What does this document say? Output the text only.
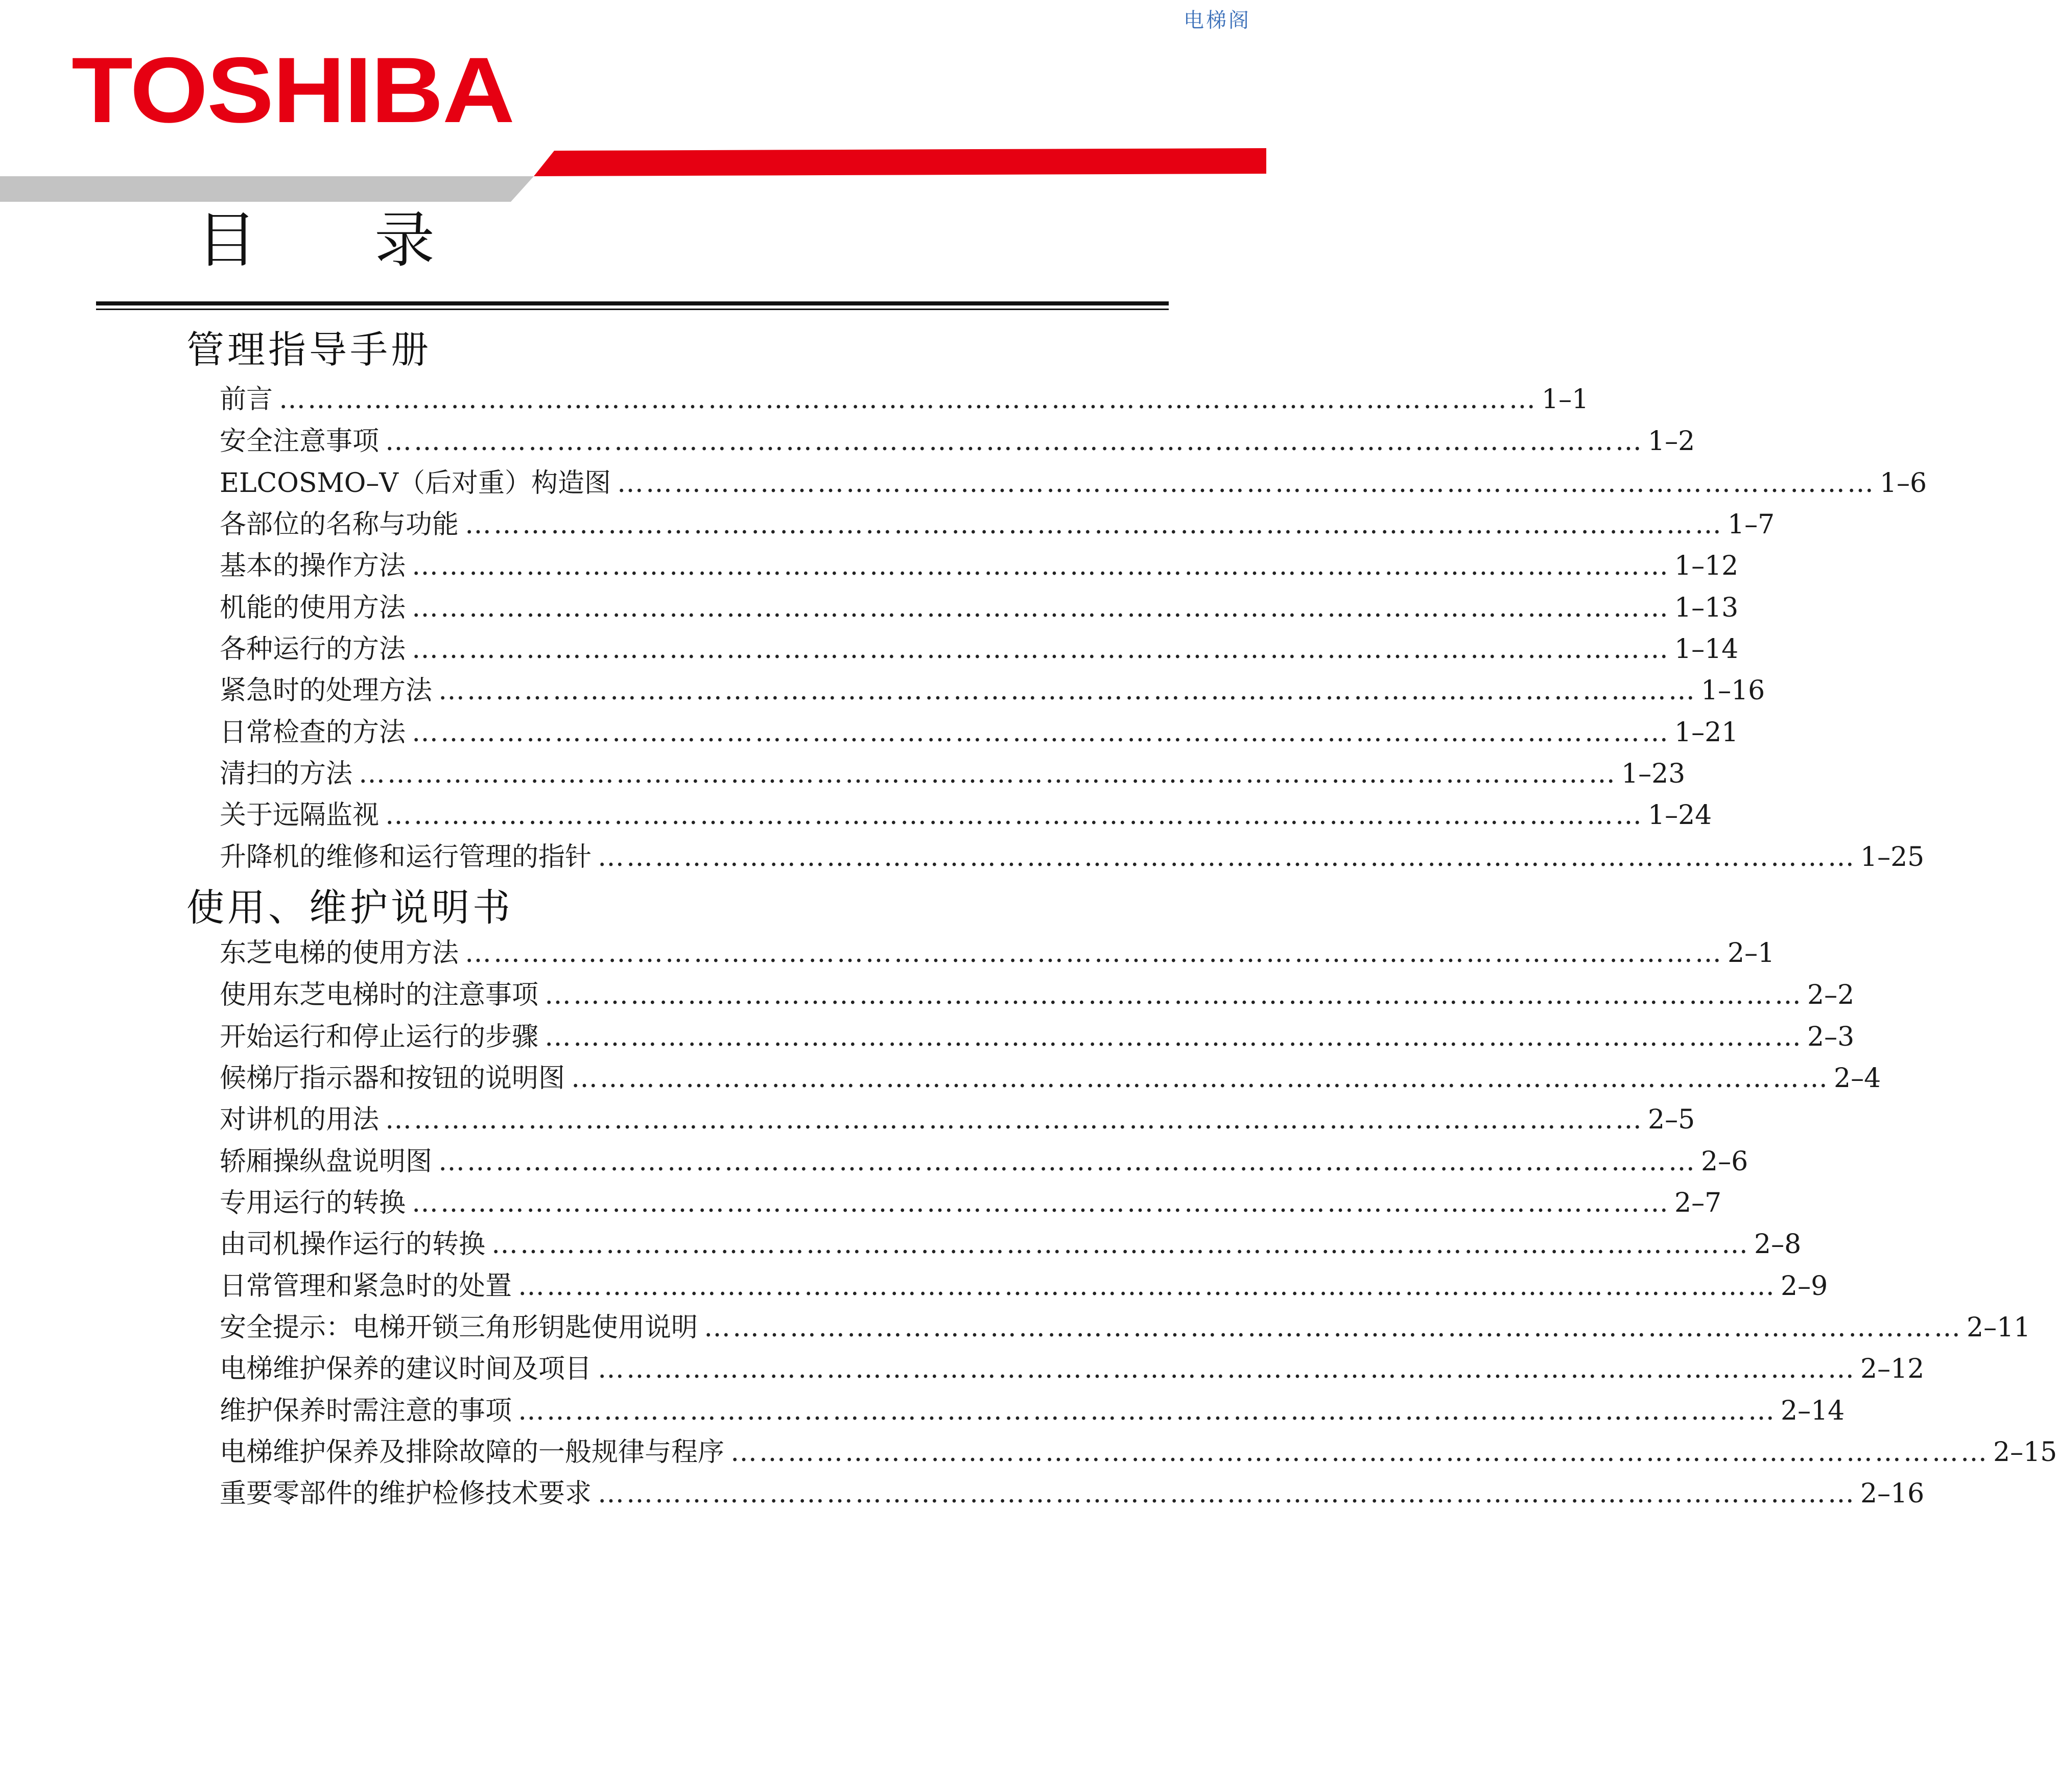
电梯阁
TOSHIBA
目　录
管理指导手册
前言 …………………………………………………………………………………………………………………… 1–1
安全注意事项 …………………………………………………………………………………………………………………… 1–2
ELCOSMO–V（后对重）构造图 …………………………………………………………………………………………………………………… 1–6
各部位的名称与功能 …………………………………………………………………………………………………………………… 1–7
基本的操作方法 …………………………………………………………………………………………………………………… 1–12
机能的使用方法 …………………………………………………………………………………………………………………… 1–13
各种运行的方法 …………………………………………………………………………………………………………………… 1–14
紧急时的处理方法 …………………………………………………………………………………………………………………… 1–16
日常检查的方法 …………………………………………………………………………………………………………………… 1–21
清扫的方法 …………………………………………………………………………………………………………………… 1–23
关于远隔监视 …………………………………………………………………………………………………………………… 1–24
升降机的维修和运行管理的指针 …………………………………………………………………………………………………………………… 1–25
使用、维护说明书
东芝电梯的使用方法 …………………………………………………………………………………………………………………… 2–1
使用东芝电梯时的注意事项 …………………………………………………………………………………………………………………… 2–2
开始运行和停止运行的步骤 …………………………………………………………………………………………………………………… 2–3
候梯厅指示器和按钮的说明图 …………………………………………………………………………………………………………………… 2–4
对讲机的用法 …………………………………………………………………………………………………………………… 2–5
轿厢操纵盘说明图 …………………………………………………………………………………………………………………… 2–6
专用运行的转换 …………………………………………………………………………………………………………………… 2–7
由司机操作运行的转换 …………………………………………………………………………………………………………………… 2–8
日常管理和紧急时的处置 …………………………………………………………………………………………………………………… 2–9
安全提示：电梯开锁三角形钥匙使用说明 …………………………………………………………………………………………………………………… 2–11
电梯维护保养的建议时间及项目 …………………………………………………………………………………………………………………… 2–12
维护保养时需注意的事项 …………………………………………………………………………………………………………………… 2–14
电梯维护保养及排除故障的一般规律与程序 …………………………………………………………………………………………………………………… 2–15
重要零部件的维护检修技术要求 …………………………………………………………………………………………………………………… 2–16
